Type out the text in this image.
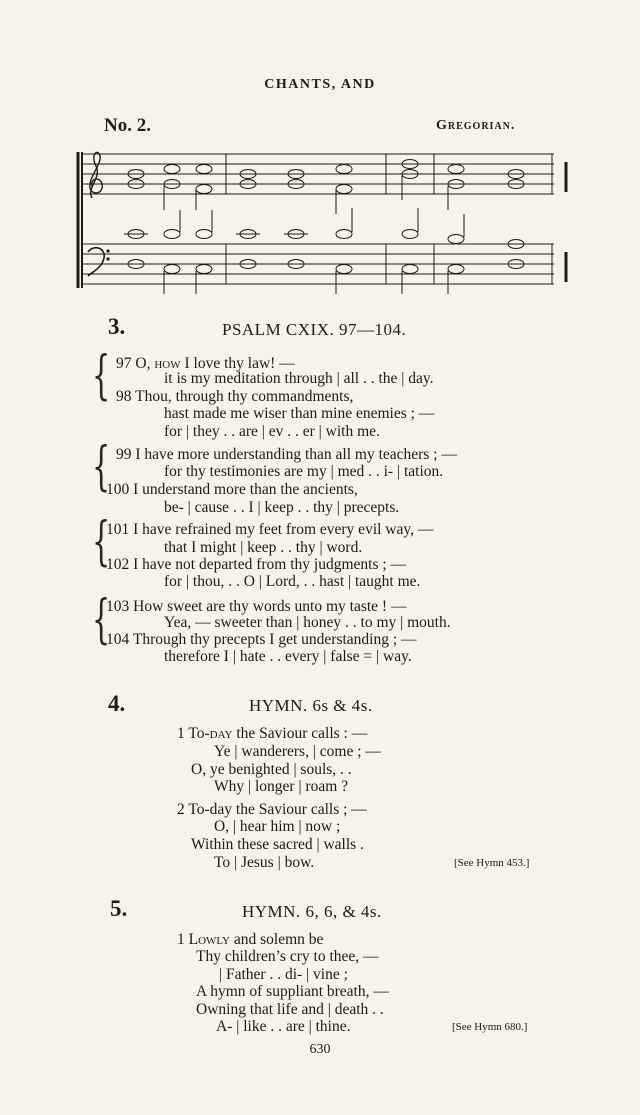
CHANTS, AND
No. 2.	Gregorian.
3.	PSALM CXIX. 97—104.
{
{
{
{
97 O, how I love thy law! —
it is my meditation through | all . . the | day.
98 Thou, through thy commandments,
hast made me wiser than mine enemies ; —
for | they . . are | ev . . er | with me.
99 I have more understanding than all my teachers ; —
for thy testimonies are my | med . . i- | tation.
100 I understand more than the ancients,
be- | cause . . I | keep . . thy | precepts.
101 I have refrained my feet from every evil way, —
that I might | keep . . thy | word.
102 I have not departed from thy judgments ; —
for | thou, . . O | Lord, . . hast | taught me.
103 How sweet are thy words unto my taste ! —
Yea, — sweeter than | honey . . to my | mouth.
104 Through thy precepts I get understanding ; —
therefore I | hate . . every | false = | way.
4.	HYMN. 6s & 4s.
1 To-day the Saviour calls : —
Ye | wanderers, | come ; —
O, ye benighted | souls, . .
Why | longer | roam ?
2 To-day the Saviour calls ; —
O, | hear him | now ;
Within these sacred | walls .
To | Jesus | bow.	[See Hymn 453.]
5.	HYMN. 6, 6, & 4s.
1 Lowly and solemn be
Thy children’s cry to thee, —
| Father . . di- | vine ;
A hymn of suppliant breath, —
Owning that life and | death . .
A- | like . . are | thine.	[See Hymn 680.]
630
